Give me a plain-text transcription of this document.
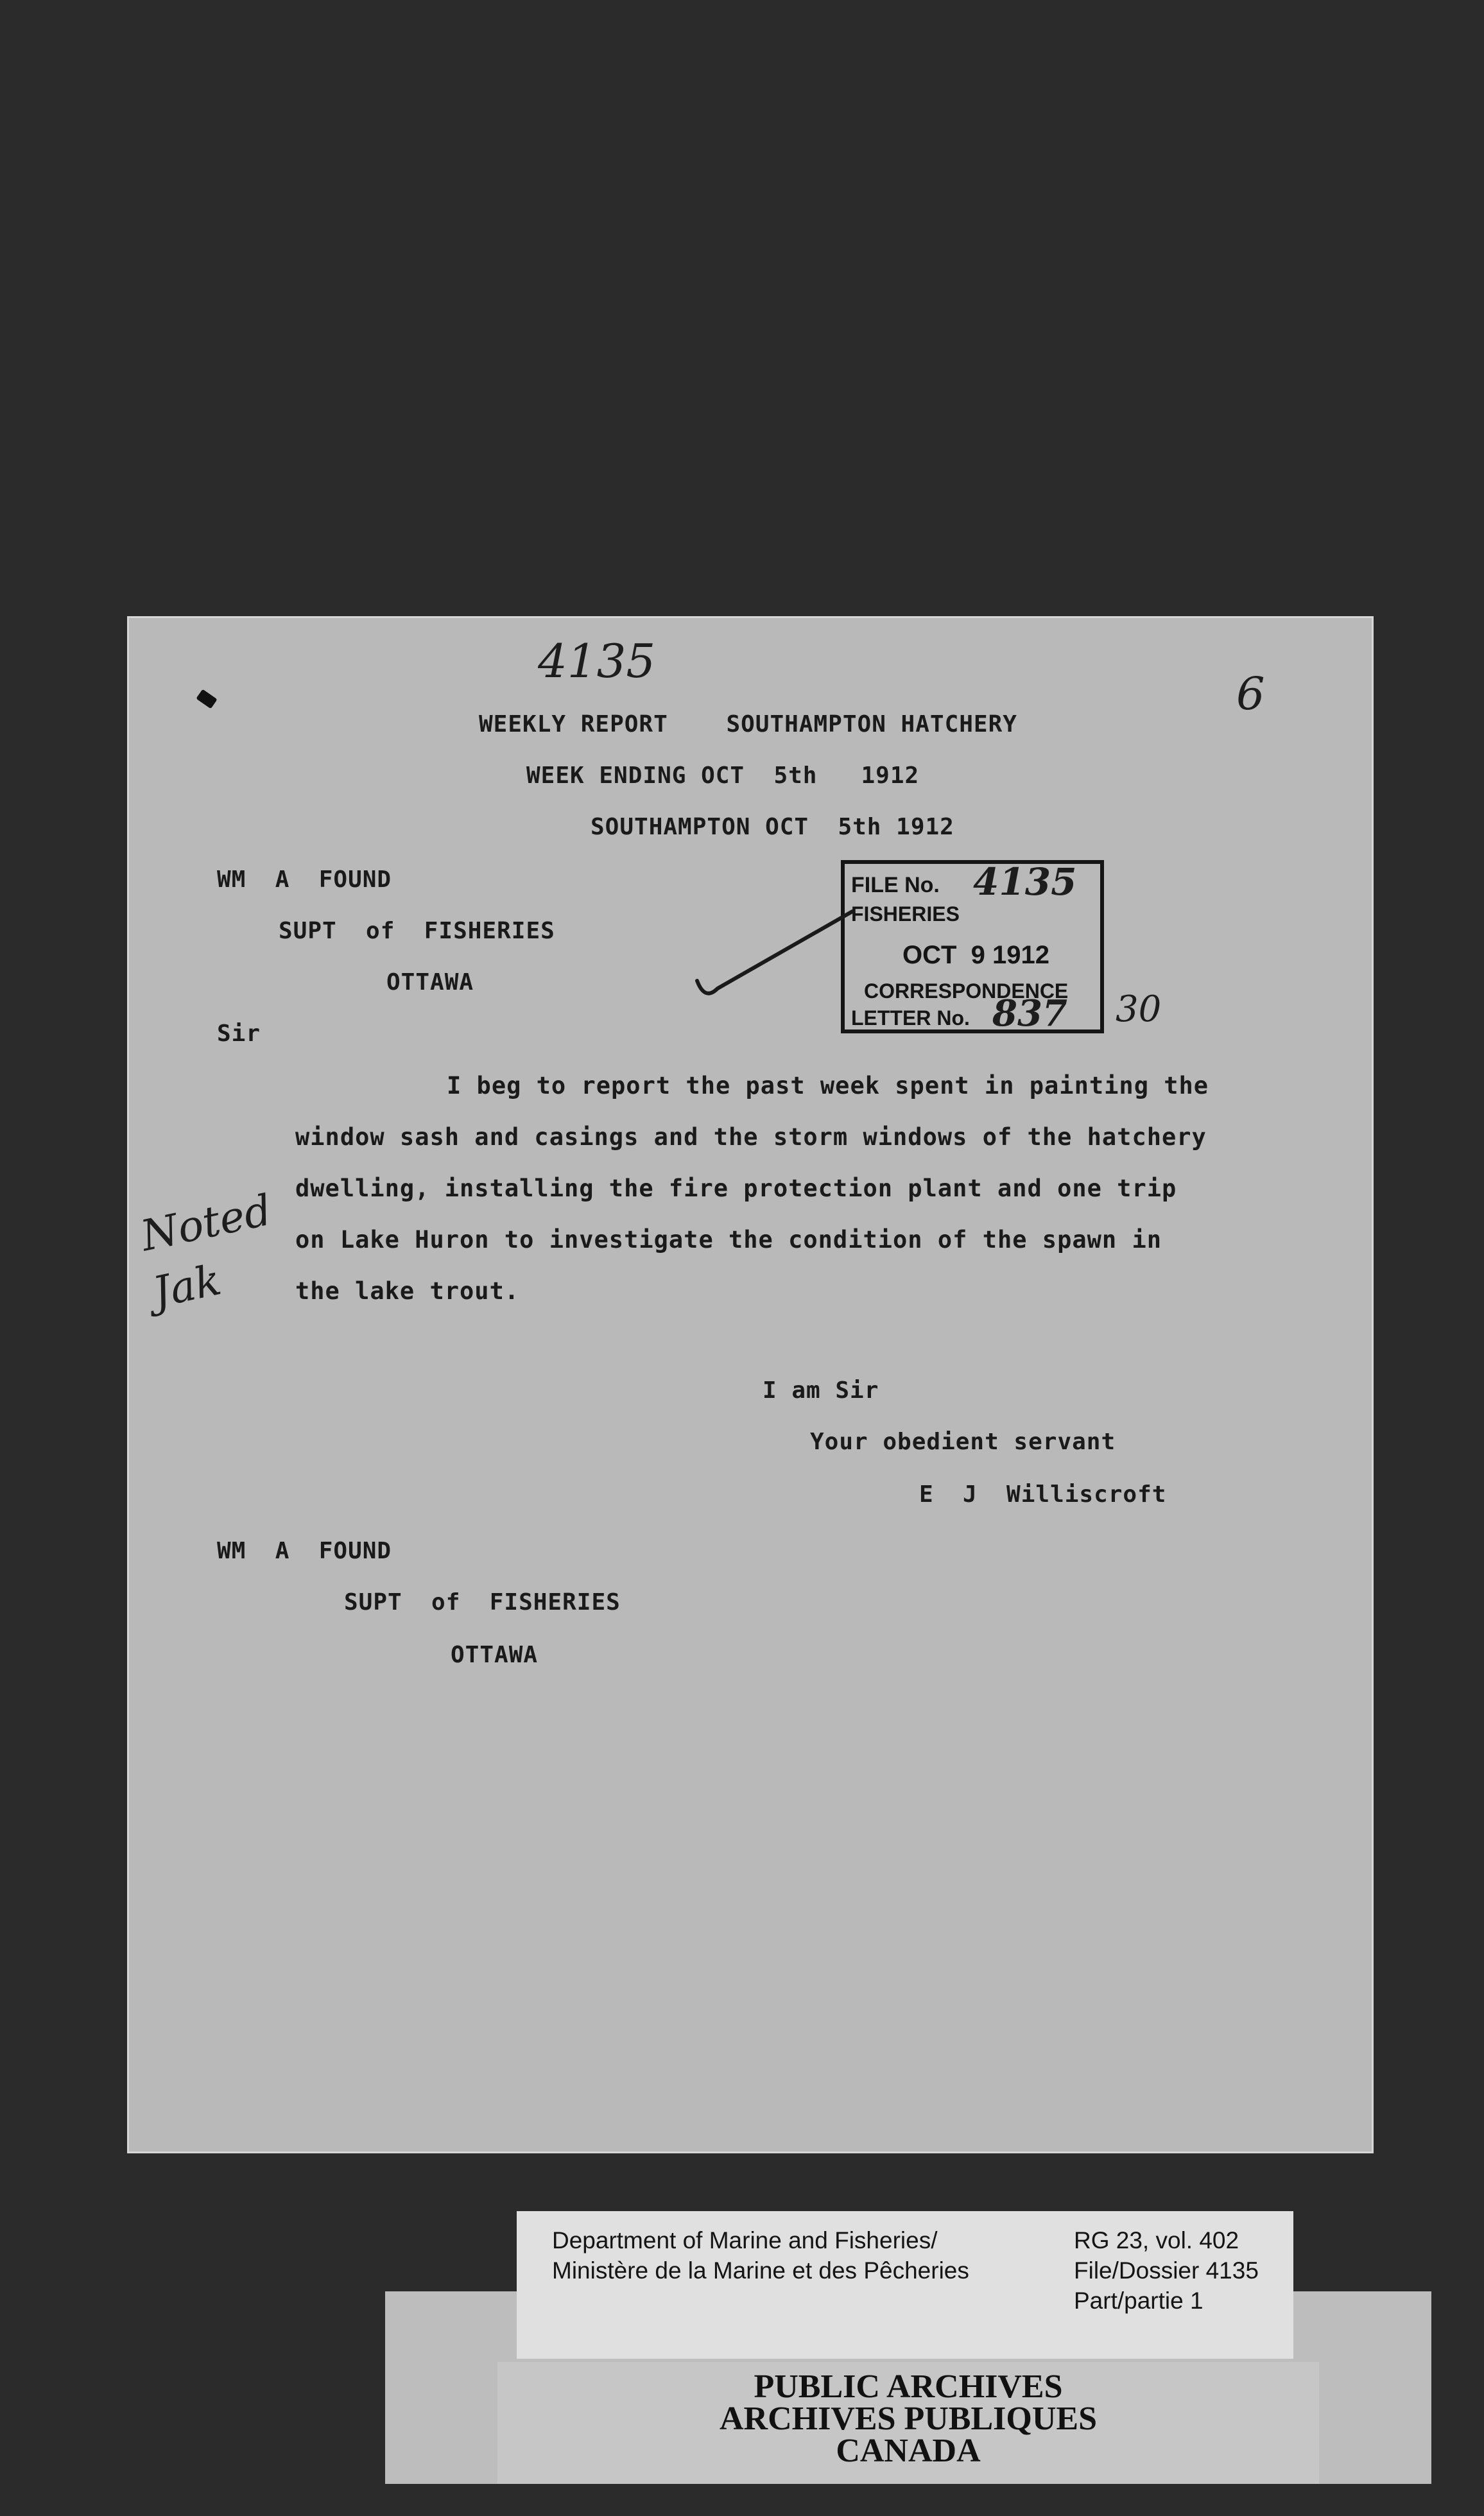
4135
6
WEEKLY REPORT    SOUTHAMPTON HATCHERY
WEEK ENDING OCT  5th   1912
SOUTHAMPTON OCT  5th 1912
WM  A  FOUND
SUPT  of  FISHERIES
OTTAWA
FILE No. 4135
FISHERIES
OCT  9 1912
CORRESPONDENCE
LETTER No. 837 30
Sir
I beg to report the past week spent in painting the
window sash and casings and the storm windows of the hatchery
dwelling, installing the fire protection plant and one trip
on Lake Huron to investigate the condition of the spawn in
the lake trout.
Noted
Jak
I am Sir
Your obedient servant
E  J  Williscroft
WM  A  FOUND
SUPT  of  FISHERIES
OTTAWA
PUBLIC ARCHIVES
ARCHIVES PUBLIQUES
CANADA
Department of Marine and Fisheries/
Ministère de la Marine et des Pêcheries
RG 23, vol. 402
File/Dossier 4135
Part/partie 1
